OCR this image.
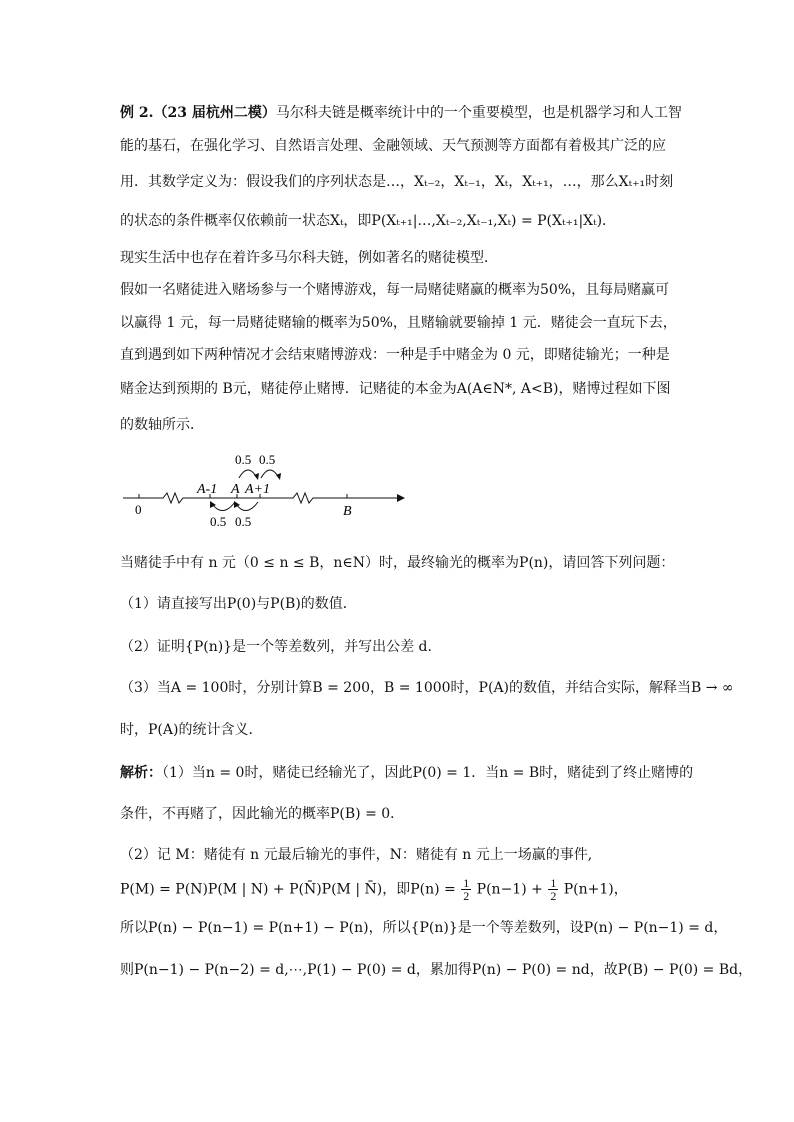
例 2.（23 届杭州二模）马尔科夫链是概率统计中的一个重要模型，也是机器学习和人工智
能的基石，在强化学习、自然语言处理、金融领域、天气预测等方面都有着极其广泛的应
用．其数学定义为：假设我们的序列状态是…，Xₜ₋₂，Xₜ₋₁，Xₜ，Xₜ₊₁，…，那么Xₜ₊₁时刻
的状态的条件概率仅依赖前一状态Xₜ，即P(Xₜ₊₁|…,Xₜ₋₂,Xₜ₋₁,Xₜ) = P(Xₜ₊₁|Xₜ)．
现实生活中也存在着许多马尔科夫链，例如著名的赌徒模型．
假如一名赌徒进入赌场参与一个赌博游戏，每一局赌徒赌赢的概率为50%，且每局赌赢可
以赢得 1 元，每一局赌徒赌输的概率为50%，且赌输就要输掉 1 元．赌徒会一直玩下去，
直到遇到如下两种情况才会结束赌博游戏：一种是手中赌金为 0 元，即赌徒输光；一种是
赌金达到预期的 B元，赌徒停止赌博．记赌徒的本金为A(A∈N*, A<B)，赌博过程如下图
的数轴所示．
0
A-1 A A+1
B
0.5 0.5
0.5 0.5
当赌徒手中有 n 元（0 ≤ n ≤ B，n∈N）时，最终输光的概率为P(n)，请回答下列问题：
（1）请直接写出P(0)与P(B)的数值．
（2）证明{P(n)}是一个等差数列，并写出公差 d.
（3）当A = 100时，分别计算B = 200，B = 1000时，P(A)的数值，并结合实际，解释当B → ∞
时，P(A)的统计含义．
解析：（1）当n = 0时，赌徒已经输光了，因此P(0) = 1．当n = B时，赌徒到了终止赌博的
条件，不再赌了，因此输光的概率P(B) = 0．
（2）记 M：赌徒有 n 元最后输光的事件，N：赌徒有 n 元上一场赢的事件,
P(M) = P(N)P(M | N) + P(N̄)P(M | N̄)，即$P(n) = \frac{1}{2} P(n-1) + \frac{1}{2} P(n+1)$，
所以P(n) − P(n−1) = P(n+1) − P(n)，所以{P(n)}是一个等差数列，设P(n) − P(n−1) = d，
则P(n−1) − P(n−2) = d,⋯,P(1) − P(0) = d，累加得P(n) − P(0) = nd，故P(B) − P(0) = Bd，
